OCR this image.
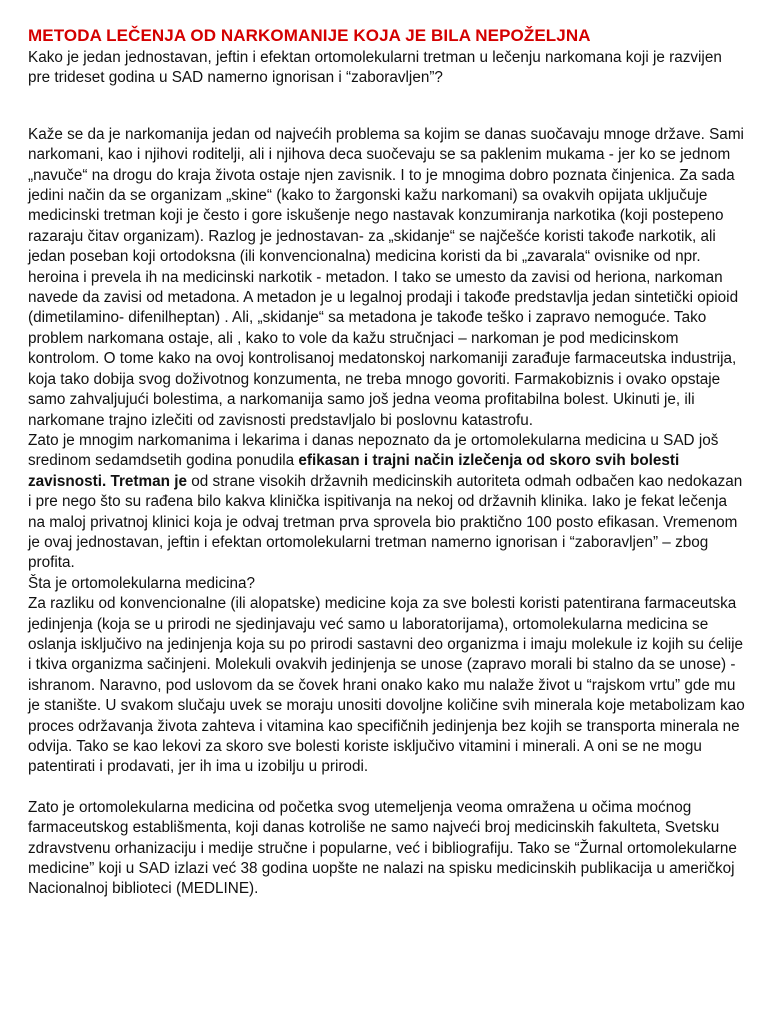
METODA LEČENJA OD NARKOMANIJE KOJA JE BILA NEPOŽELJNA

Kako je jedan jednostavan, jeftin i efektan ortomolekularni tretman u lečenju narkomana koji je razvijen pre trideset godina u SAD namerno ignorisan i “zaboravljen”?

Kaže se da je narkomanija jedan od najvećih problema sa kojim se danas suočavaju mnoge države. Sami narkomani, kao i njihovi roditelji, ali i njihova deca suočevaju se sa paklenim mukama - jer ko se jednom „navuče“ na drogu do kraja života ostaje njen zavisnik. I to je mnogima dobro poznata činjenica. Za sada jedini način da se organizam „skine“ (kako to žargonski kažu narkomani) sa ovakvih opijata uključuje medicinski tretman koji je često i gore iskušenje nego nastavak konzumiranja narkotika (koji postepeno razaraju čitav organizam). Razlog je jednostavan- za „skidanje“ se najčešće koristi takođe narkotik, ali jedan poseban koji ortodoksna (ili konvencionalna) medicina koristi da bi „zavarala“ ovisnike od npr. heroina i prevela ih na medicinski narkotik - metadon. I tako se umesto da zavisi od heriona, narkoman navede da zavisi od metadona. A metadon je u legalnoj prodaji i takođe predstavlja jedan sintetički opioid (dimetilamino- difenilheptan) . Ali, „skidanje“ sa metadona je takođe teško i zapravo nemoguće. Tako problem narkomana ostaje, ali , kako to vole da kažu stručnjaci – narkoman je pod medicinskom kontrolom. O tome kako na ovoj kontrolisanoj medatonskoj narkomaniji zarađuje farmaceutska industrija, koja tako dobija svog doživotnog konzumenta, ne treba mnogo govoriti. Farmakobiznis i ovako opstaje samo zahvaljujući bolestima, a narkomanija samo još jedna veoma profitabilna bolest. Ukinuti je, ili narkomane trajno izlečiti od zavisnosti predstavljalo bi poslovnu katastrofu.

Zato je mnogim narkomanima i lekarima i danas nepoznato da je ortomolekularna medicina u SAD još sredinom sedamdsetih godina ponudila efikasan i trajni način izlečenja od skoro svih bolesti zavisnosti. Tretman je od strane visokih državnih medicinskih autoriteta odmah odbačen kao nedokazan i pre nego što su rađena bilo kakva klinička ispitivanja na nekoj od državnih klinika. Iako je fekat lečenja na maloj privatnoj klinici koja je odvaj tretman prva sprovela bio praktično 100 posto efikasan. Vremenom je ovaj jednostavan, jeftin i efektan ortomolekularni tretman namerno ignorisan i “zaboravljen” – zbog profita.

Šta je ortomolekularna medicina?

Za razliku od konvencionalne (ili alopatske) medicine koja za sve bolesti koristi patentirana farmaceutska jedinjenja (koja se u prirodi ne sjedinjavaju već samo u laboratorijama), ortomolekularna medicina se oslanja isključivo na jedinjenja koja su po prirodi sastavni deo organizma i imaju molekule iz kojih su ćelije i tkiva organizma sačinjeni. Molekuli ovakvih jedinjenja se unose (zapravo morali bi stalno da se unose) -ishranom. Naravno, pod uslovom da se čovek hrani onako kako mu nalaže život u “rajskom vrtu” gde mu je stanište. U svakom slučaju uvek se moraju unositi dovoljne količine svih minerala koje metabolizam kao proces održavanja života zahteva i vitamina kao specifičnih jedinjenja bez kojih se transporta minerala ne odvija. Tako se kao lekovi za skoro sve bolesti koriste isključivo vitamini i minerali. A oni se ne mogu patentirati i prodavati, jer ih ima u izobilju u prirodi.

Zato je ortomolekularna medicina od početka svog utemeljenja veoma omražena u očima moćnog farmaceutskog establišmenta, koji danas kotroliše ne samo najveći broj medicinskih fakulteta, Svetsku zdravstvenu orhanizaciju i medije stručne i popularne, već i bibliografiju. Tako se “Žurnal ortomolekularne medicine” koji u SAD izlazi već 38 godina uopšte ne nalazi na spisku medicinskih publikacija u američkoj Nacionalnoj biblioteci (MEDLINE).
